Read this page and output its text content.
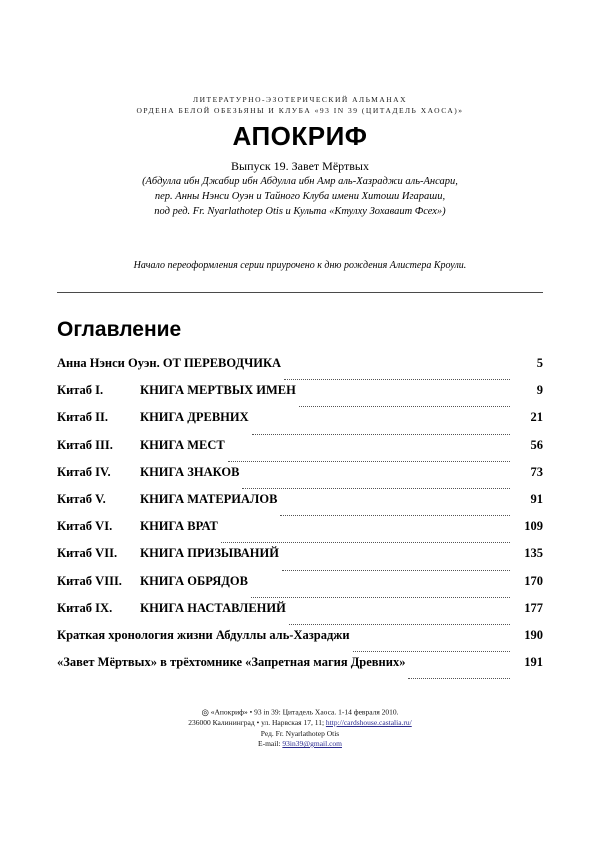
ЛИТЕРАТУРНО-ЭЗОТЕРИЧЕСКИЙ АЛЬМАНАХ
ОРДЕНА БЕЛОЙ ОБЕЗЬЯНЫ И КЛУБА «93 IN 39 (ЦИТАДЕЛЬ ХАОСА)»
АПОКРИФ
Выпуск 19. Завет Мёртвых
(Абдулла ибн Джабир ибн Абдулла ибн Амр аль-Хазраджи аль-Ансари,
пер. Анны Нэнси Оуэн и Тайного Клуба имени Хитоши Игараши,
под ред. Fr. Nyarlathotep Otis и Культа «Ктулху Зохаваит Фсех»)
Начало переоформления серии приурочено к дню рождения Алистера Кроули.
Оглавление
Анна Нэнси Оуэн. ОТ ПЕРЕВОДЧИКА	5
Китаб I.	КНИГА МЕРТВЫХ ИМЕН	9
Китаб II.	КНИГА ДРЕВНИХ	21
Китаб III.	КНИГА МЕСТ	56
Китаб IV.	КНИГА ЗНАКОВ	73
Китаб V.	КНИГА МАТЕРИАЛОВ	91
Китаб VI.	КНИГА ВРАТ	109
Китаб VII.	КНИГА ПРИЗЫВАНИЙ	135
Китаб VIII.	КНИГА ОБРЯДОВ	170
Китаб IX.	КНИГА НАСТАВЛЕНИЙ	177
Краткая хронология жизни Абдуллы аль-Хазраджи	190
«Завет Мёртвых» в трёхтомнике «Запретная магия Древних»	191
◎ «Апокриф» • 93 in 39: Цитадель Хаоса. 1-14 февраля 2010.
236000 Калининград • ул. Нарвская 17, 11; http://cardshouse.castalia.ru/
Ред. Fr. Nyarlathotep Otis
E-mail: 93in39@gmail.com
